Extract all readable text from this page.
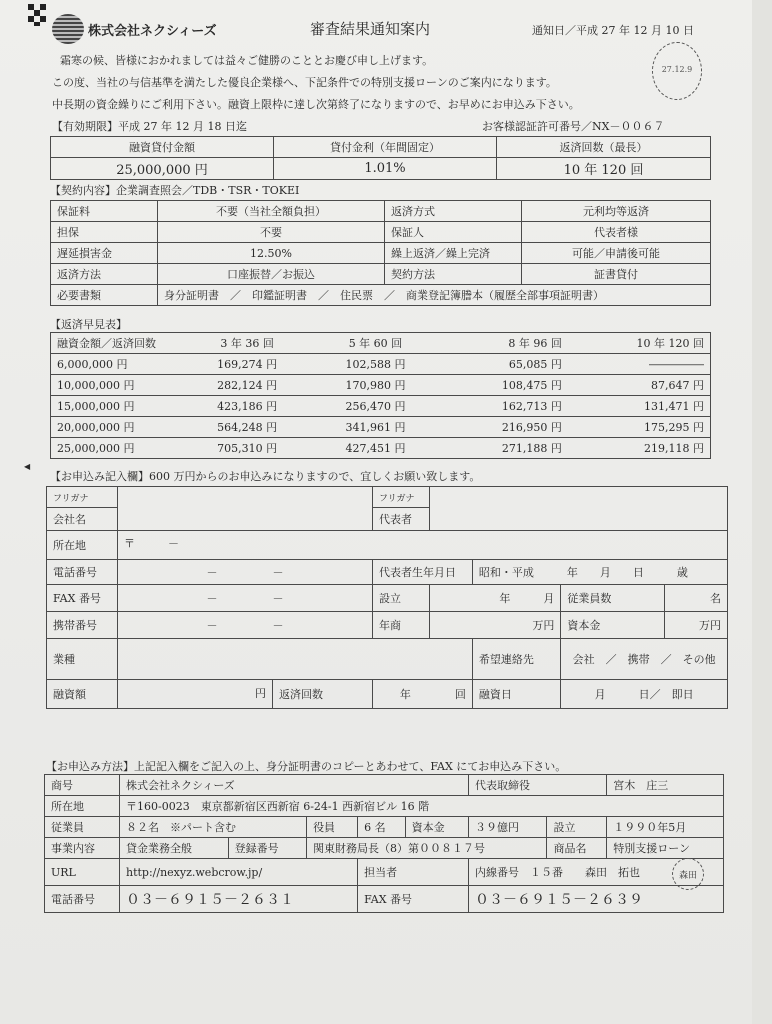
株式会社ネクシィーズ	審査結果通知案内	通知日／平成 27 年 12 月 10 日
27.12.9
霜寒の候、皆様におかれましては益々ご健勝のこととお慶び申し上げます。
この度、当社の与信基準を満たした優良企業様へ、下記条件での特別支援ローンのご案内になります。
中長期の資金繰りにご利用下さい。融資上限枠に達し次第終了になりますので、お早めにお申込み下さい。
【有効期限】平成 27 年 12 月 18 日迄	お客様認証許可番号／NX－００６７
融資貸付金額	貸付金利（年間固定）	返済回数（最長）
25,000,000 円	1.01%	10 年 120 回
【契約内容】企業調査照会／TDB・TSR・TOKEI
保証料	不要（当社全額負担）	返済方式	元利均等返済
担保	不要	保証人	代表者様
遅延損害金	12.50%	繰上返済／繰上完済	可能／申請後可能
返済方法	口座振替／お振込	契約方法	証書貸付
必要書類	身分証明書　／　印鑑証明書　／　住民票　／　商業登記簿謄本（履歴全部事項証明書）		
【返済早見表】
融資金額／返済回数	3 年 36 回	5 年 60 回	8 年 96 回	10 年 120 回
6,000,000 円	169,274 円	102,588 円	65,085 円	―――――
10,000,000 円	282,124 円	170,980 円	108,475 円	87,647 円
15,000,000 円	423,186 円	256,470 円	162,713 円	131,471 円
20,000,000 円	564,248 円	341,961 円	216,950 円	175,295 円
25,000,000 円	705,310 円	427,451 円	271,188 円	219,118 円
◀
【お申込み記入欄】600 万円からのお申込みになりますので、宜しくお願い致します。
フリガナ		フリガナ				
会社名		代表者				
所在地	〒　　　－					
電話番号	－　　　　　－	代表者生年月日		昭和・平成　　　年　　月　　日　　　歳		
FAX 番号	－　　　　　－	設立	年　　　月		従業員数	名
携帯番号	－　　　　　－	年商	万円		資本金	万円
業種				希望連絡先	会社　／　携帯　／　その他	
融資額	円 返済回数	年　　　　回		融資日	月　　　日／　即日	
【お申込み方法】上記記入欄をご記入の上、身分証明書のコピーとあわせて、FAX にてお申込み下さい。
商号	株式会社ネクシィーズ					代表取締役		宮木　庄三
所在地	〒160-0023　東京都新宿区西新宿 6-24-1 西新宿ビル 16 階							
従業員	８２名　※パート含む		役員	6 名	資本金	３９億円	設立	１９９０年5月
事業内容	貸金業務全般	登録番号	関東財務局長（8）第００８１７号				商品名	特別支援ローン
URL	http://nexyz.webcrow.jp/			担当者		内線番号　１５番　　森田　拓也		
電話番号	０３－６９１５－２６３１			FAX 番号		０３－６９１５－２６３９		
森田
